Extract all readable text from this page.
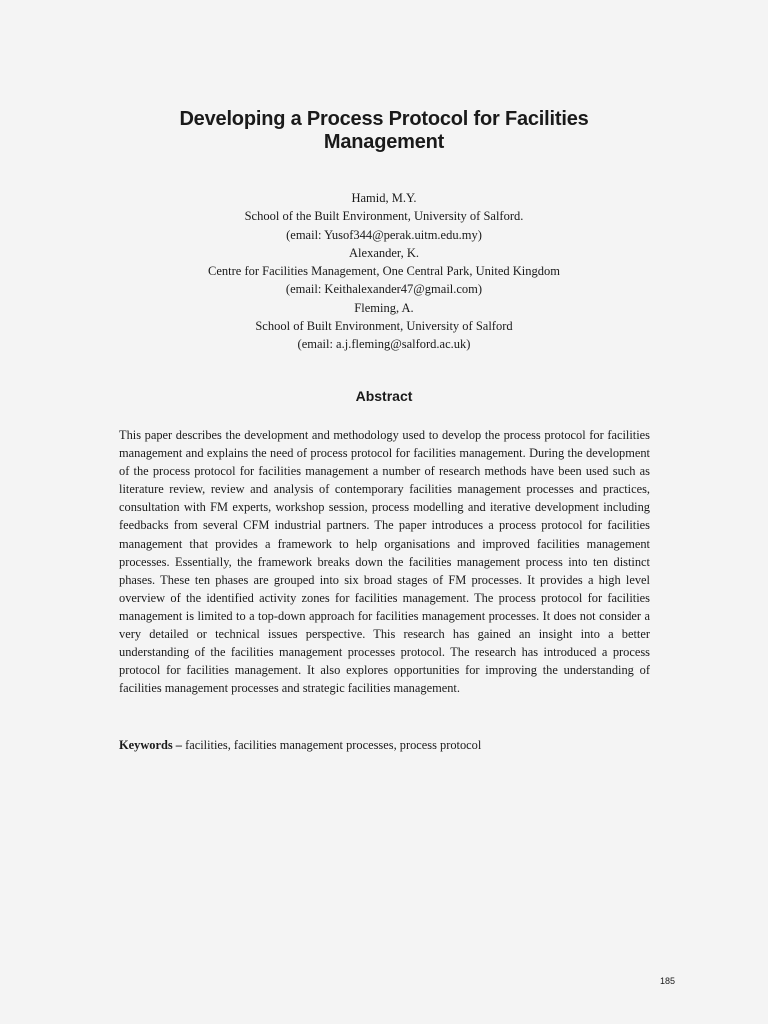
Developing a Process Protocol for Facilities
Management
Hamid, M.Y.
School of the Built Environment, University of Salford.
(email: Yusof344@perak.uitm.edu.my)
Alexander, K.
Centre for Facilities Management, One Central Park, United Kingdom
(email: Keithalexander47@gmail.com)
Fleming, A.
School of Built Environment, University of Salford
(email: a.j.fleming@salford.ac.uk)
Abstract

This paper describes the development and methodology used to develop the process protocol for facilities management and explains the need of process protocol for facilities management. During the development of the process protocol for facilities management a number of research methods have been used such as literature review, review and analysis of contemporary facilities management processes and practices, consultation with FM experts, workshop session, process modelling and iterative development including feedbacks from several CFM industrial partners. The paper introduces a process protocol for facilities management that provides a framework to help organisations and improved facilities management processes. Essentially, the framework breaks down the facilities management process into ten distinct phases. These ten phases are grouped into six broad stages of FM processes. It provides a high level overview of the identified activity zones for facilities management. The process protocol for facilities management is limited to a top-down approach for facilities management processes. It does not consider a very detailed or technical issues perspective. This research has gained an insight into a better understanding of the facilities management processes protocol. The research has introduced a process protocol for facilities management. It also explores opportunities for improving the understanding of facilities management processes and strategic facilities management.

Keywords – facilities, facilities management processes, process protocol

185
